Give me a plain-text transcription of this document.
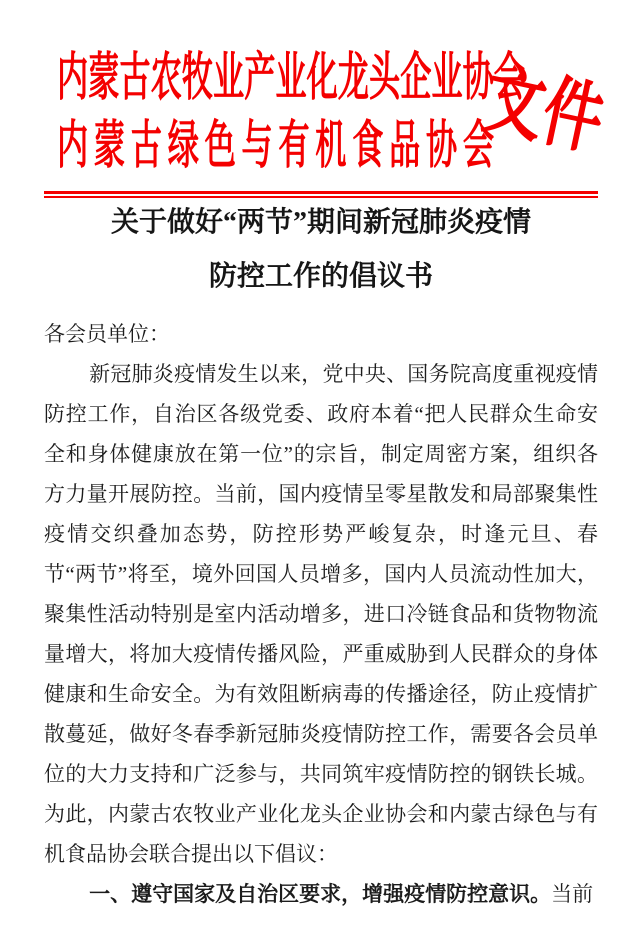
内蒙古农牧业产业化龙头企业协会
内蒙古绿色与有机食品协会
文件
关于做好“两节”期间新冠肺炎疫情
防控工作的倡议书

各会员单位：

新冠肺炎疫情发生以来，党中央、国务院高度重视疫情防控工作，自治区各级党委、政府本着“把人民群众生命安全和身体健康放在第一位”的宗旨，制定周密方案，组织各方力量开展防控。当前，国内疫情呈零星散发和局部聚集性疫情交织叠加态势，防控形势严峻复杂，时逢元旦、春节“两节”将至，境外回国人员增多，国内人员流动性加大，聚集性活动特别是室内活动增多，进口冷链食品和货物物流量增大，将加大疫情传播风险，严重威胁到人民群众的身体健康和生命安全。为有效阻断病毒的传播途径，防止疫情扩散蔓延，做好冬春季新冠肺炎疫情防控工作，需要各会员单位的大力支持和广泛参与，共同筑牢疫情防控的钢铁长城。为此，内蒙古农牧业产业化龙头企业协会和内蒙古绿色与有机食品协会联合提出以下倡议：

一、遵守国家及自治区要求，增强疫情防控意识。当前
